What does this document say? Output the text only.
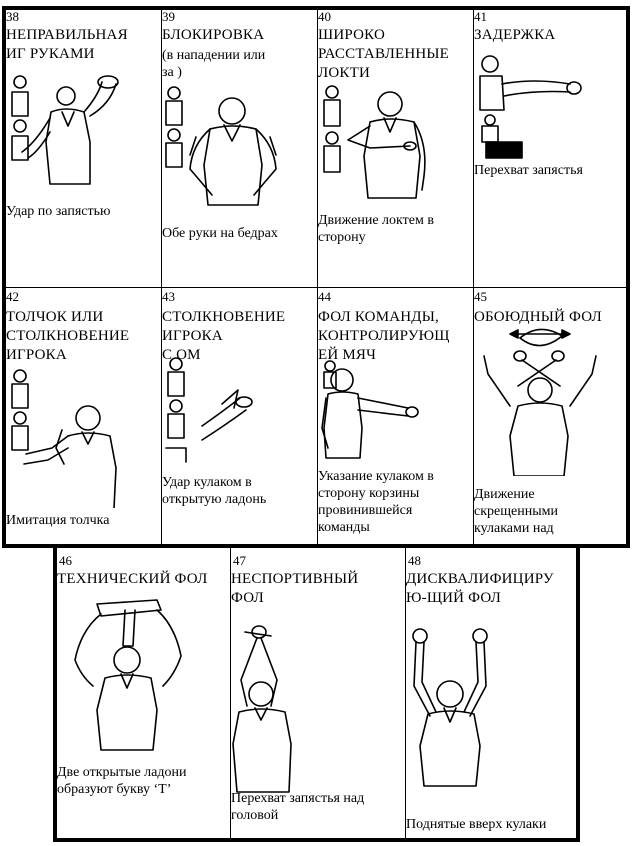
38
НЕПРАВИЛЬНАЯ
ИГ РУКАМИ
Удар по запястью
39
БЛОКИРОВКА
(в нападении или
за )
Обе руки на бедрах
40
ШИРОКО
РАССТАВЛЕННЫЕ
ЛОКТИ
Движение локтем в
сторону
41
ЗАДЕРЖКА
Перехват запястья
42
ТОЛЧОК ИЛИ
СТОЛКНОВЕНИЕ
ИГРОКА
Имитация толчка
43
СТОЛКНОВЕНИЕ
ИГРОКА
С ОМ
Удар кулаком в
открытую ладонь
44
ФОЛ КОМАНДЫ,
КОНТРОЛИРУЮЩ
ЕЙ МЯЧ
Указание кулаком в
сторону корзины
провинившейся
команды
45
ОБОЮДНЫЙ ФОЛ
Движение
скрещенными
кулаками над
46
ТЕХНИЧЕСКИЙ ФОЛ
Две открытые ладони
образуют букву ‘Т’
47
НЕСПОРТИВНЫЙ
ФОЛ
Перехват запястья над
головой
48
ДИСКВАЛИФИЦИРУ
Ю-ЩИЙ ФОЛ
Поднятые вверх кулаки
